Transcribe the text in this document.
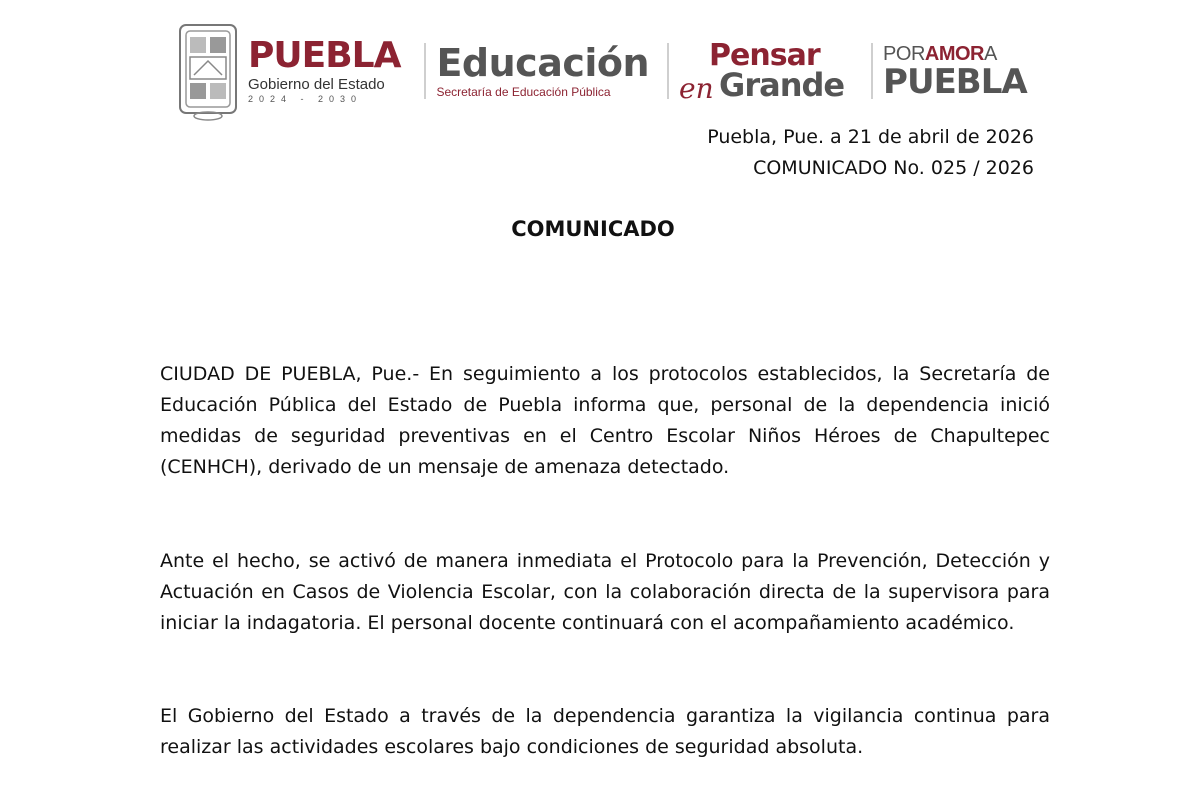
PUEBLA
Gobierno del Estado
2024 - 2030
Educación
Secretaría de Educación Pública
Pensar
en Grande
PORAMORA
PUEBLA
Puebla, Pue. a 21 de abril de 2026
COMUNICADO No. 025 / 2026
COMUNICADO

CIUDAD DE PUEBLA, Pue.- En seguimiento a los protocolos establecidos, la Secretaría de Educación Pública del Estado de Puebla informa que, personal de la dependencia inició medidas de seguridad preventivas en el Centro Escolar Niños Héroes de Chapultepec (CENHCH), derivado de un mensaje de amenaza detectado.

Ante el hecho, se activó de manera inmediata el Protocolo para la Prevención, Detección y Actuación en Casos de Violencia Escolar, con la colaboración directa de la supervisora para iniciar la indagatoria. El personal docente continuará con el acompañamiento académico.

El Gobierno del Estado a través de la dependencia garantiza la vigilancia continua para realizar las actividades escolares bajo condiciones de seguridad absoluta.
